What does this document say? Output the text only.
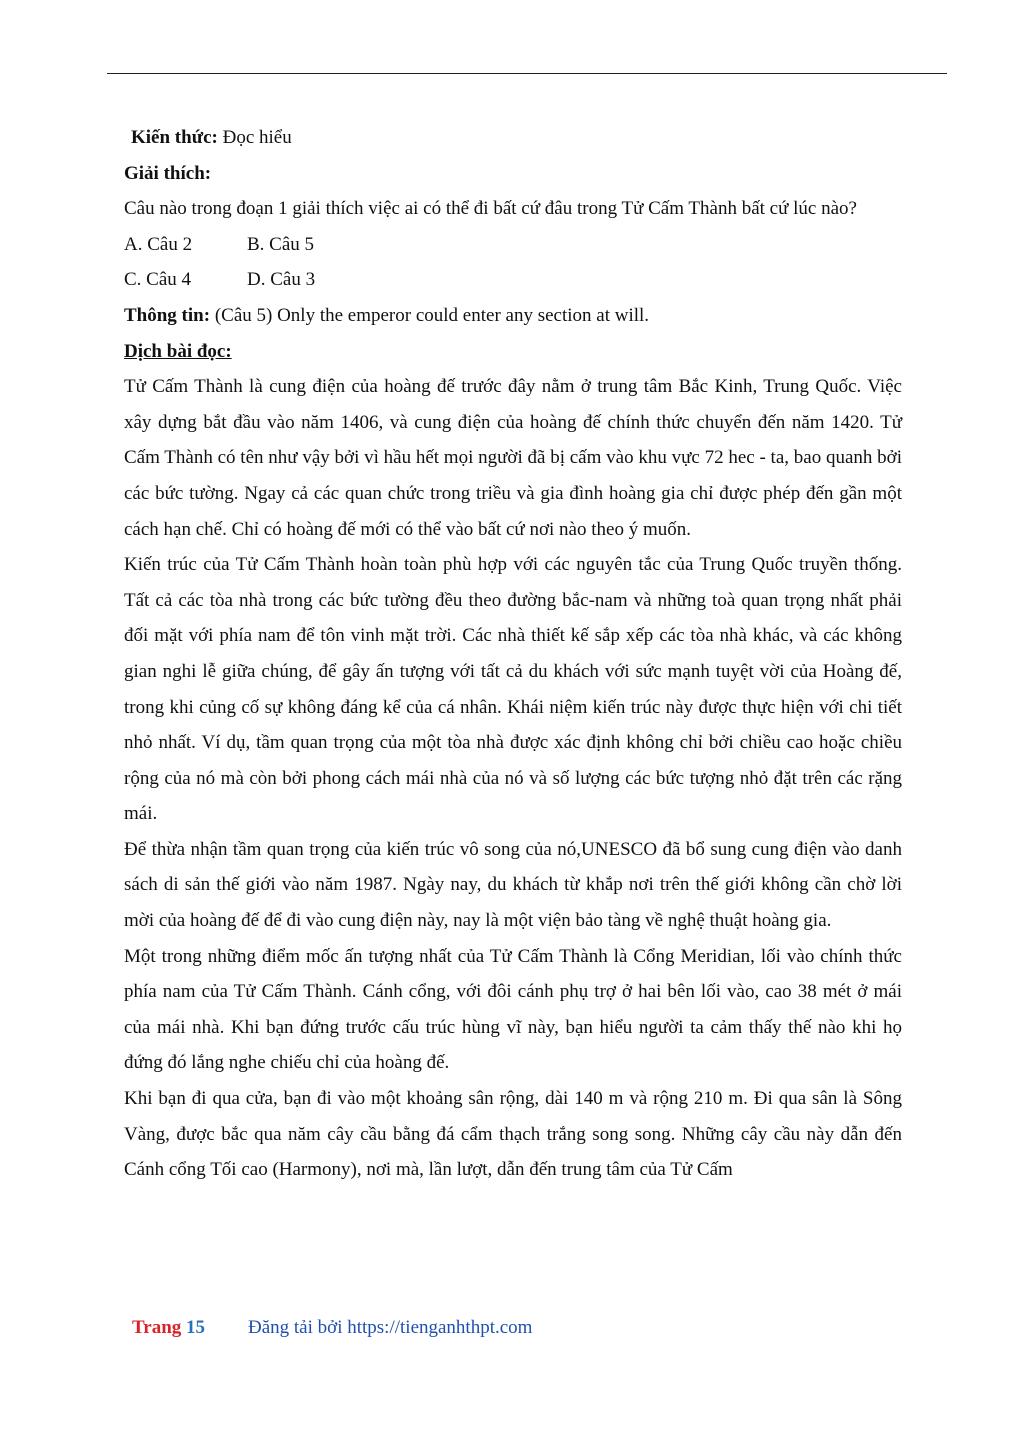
Kiến thức: Đọc hiểu
Giải thích:

Câu nào trong đoạn 1 giải thích việc ai có thể đi bất cứ đâu trong Tử Cấm Thành bất cứ lúc nào?

A. Câu 2	B. Câu 5
C. Câu 4	D. Câu 3
Thông tin: (Câu 5) Only the emperor could enter any section at will.
Dịch bài đọc:

Tử Cấm Thành là cung điện của hoàng đế trước đây nằm ở trung tâm Bắc Kinh, Trung Quốc. Việc xây dựng bắt đầu vào năm 1406, và cung điện của hoàng đế chính thức chuyển đến năm 1420. Tử Cấm Thành có tên như vậy bởi vì hầu hết mọi người đã bị cấm vào khu vực 72 hec - ta, bao quanh bởi các bức tường. Ngay cả các quan chức trong triều và gia đình hoàng gia chỉ được phép đến gần một cách hạn chế. Chỉ có hoàng đế mới có thể vào bất cứ nơi nào theo ý muốn.

Kiến trúc của Tử Cấm Thành hoàn toàn phù hợp với các nguyên tắc của Trung Quốc truyền thống. Tất cả các tòa nhà trong các bức tường đều theo đường bắc-nam và những toà quan trọng nhất phải đối mặt với phía nam để tôn vinh mặt trời. Các nhà thiết kế sắp xếp các tòa nhà khác, và các không gian nghi lễ giữa chúng, để gây ấn tượng với tất cả du khách với sức mạnh tuyệt vời của Hoàng đế, trong khi củng cố sự không đáng kể của cá nhân. Khái niệm kiến trúc này được thực hiện với chi tiết nhỏ nhất. Ví dụ, tầm quan trọng của một tòa nhà được xác định không chỉ bởi chiều cao hoặc chiều rộng của nó mà còn bởi phong cách mái nhà của nó và số lượng các bức tượng nhỏ đặt trên các rặng mái.

Để thừa nhận tầm quan trọng của kiến trúc vô song của nó,UNESCO đã bổ sung cung điện vào danh sách di sản thế giới vào năm 1987. Ngày nay, du khách từ khắp nơi trên thế giới không cần chờ lời mời của hoàng đế để đi vào cung điện này, nay là một viện bảo tàng về nghệ thuật hoàng gia.

Một trong những điểm mốc ấn tượng nhất của Tử Cấm Thành là Cổng Meridian, lối vào chính thức phía nam của Tử Cấm Thành. Cánh cổng, với đôi cánh phụ trợ ở hai bên lối vào, cao 38 mét ở mái của mái nhà. Khi bạn đứng trước cấu trúc hùng vĩ này, bạn hiểu người ta cảm thấy thế nào khi họ đứng đó lắng nghe chiếu chỉ của hoàng đế.

Khi bạn đi qua cửa, bạn đi vào một khoảng sân rộng, dài 140 m và rộng 210 m. Đi qua sân là Sông Vàng, được bắc qua năm cây cầu bằng đá cẩm thạch trắng song song. Những cây cầu này dẫn đến Cánh cổng Tối cao (Harmony), nơi mà, lần lượt, dẫn đến trung tâm của Tử Cấm

Trang 15 Đăng tải bởi https://tienganhthpt.com
